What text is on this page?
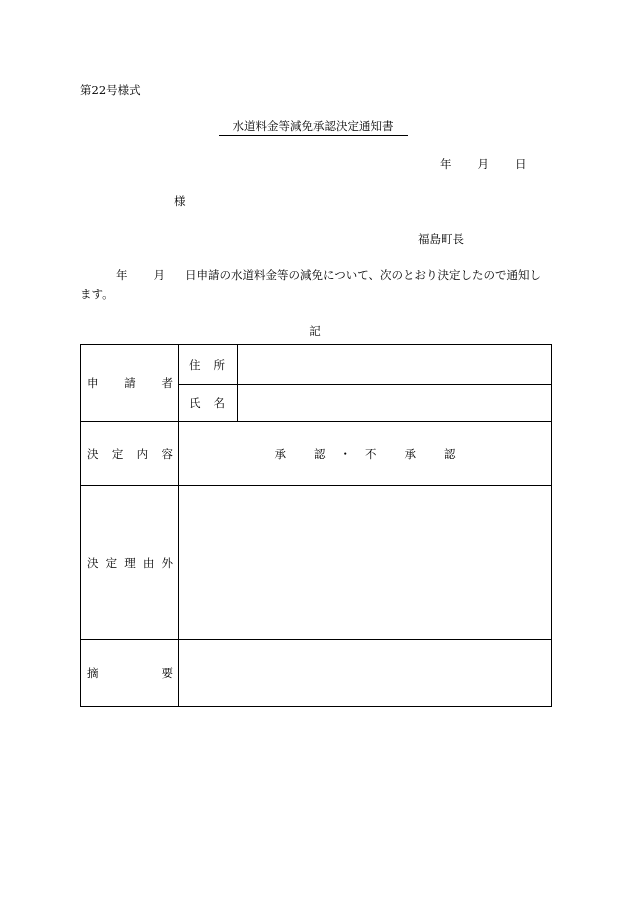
第22号様式
水道料金等減免承認決定通知書
年 月 日
様
福島町長
年 月 日申請の水道料金等の減免について、次のとおり決定したので通知します。
記
申 請 者	住 所	

	氏 名	

決 定 内 容	承 認 ・ 不 承 認	

決 定 理 由 外		

摘 要		
